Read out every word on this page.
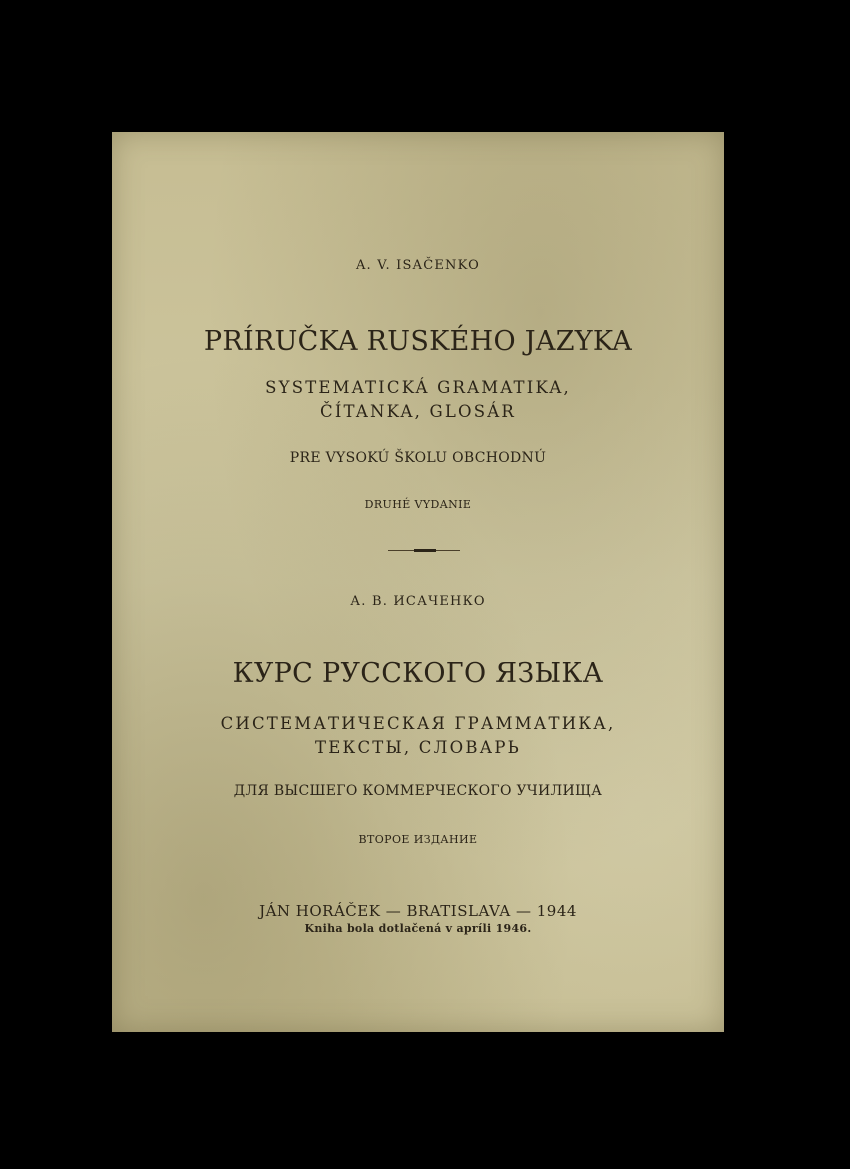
A. V. ISAČENKO
PRÍRUČKA RUSKÉHO JAZYKA
SYSTEMATICKÁ GRAMATIKA,
ČÍTANKA, GLOSÁR
PRE VYSOKÚ ŠKOLU OBCHODNÚ
DRUHÉ VYDANIE
А. В. ИСАЧЕНКО
КУРС РУССКОГО ЯЗЫКА
СИСТЕМАТИЧЕСКАЯ ГРАММАТИКА,
ТЕКСТЫ, СЛОВАРЬ
ДЛЯ ВЫСШЕГО КОММЕРЧЕСКОГО УЧИЛИЩА
ВТОРОЕ ИЗДАНИЕ
JÁN HORÁČEK — BRATISLAVA — 1944
Kniha bola dotlačená v apríli 1946.
